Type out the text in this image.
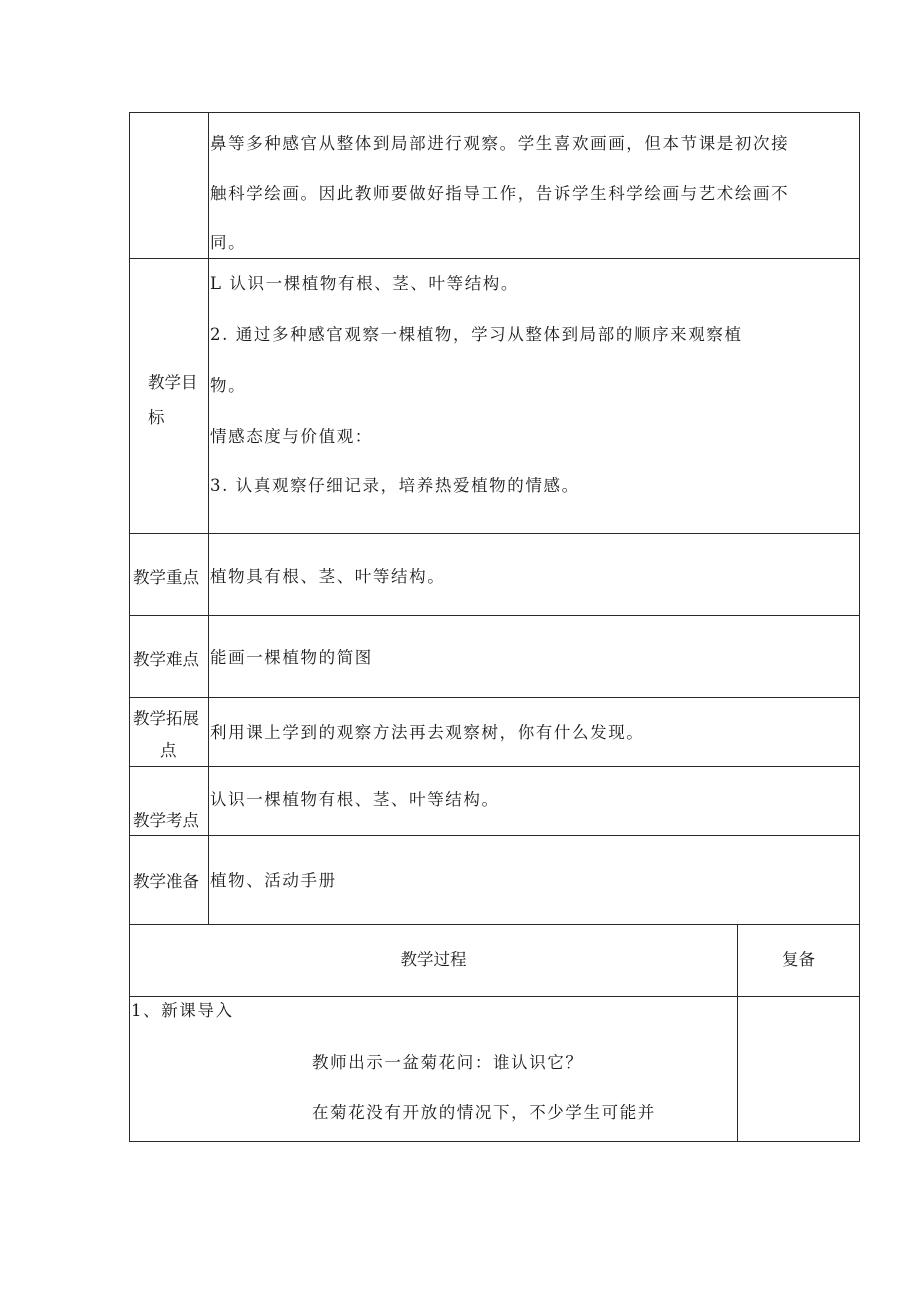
鼻等多种感官从整体到局部进行观察。学生喜欢画画，但本节课是初次接
触科学绘画。因此教师要做好指导工作，告诉学生科学绘画与艺术绘画不
同。
教学目
标
L 认识一棵植物有根、茎、叶等结构。
2. 通过多种感官观察一棵植物，学习从整体到局部的顺序来观察植
物。
情感态度与价值观：
3. 认真观察仔细记录，培养热爱植物的情感。
教学重点 植物具有根、茎、叶等结构。
教学难点 能画一棵植物的简图
教学拓展
点
利用课上学到的观察方法再去观察树，你有什么发现。
教学考点
认识一棵植物有根、茎、叶等结构。
教学准备 植物、活动手册
教学过程	复备
1、新课导入
教师出示一盆菊花问：谁认识它？
在菊花没有开放的情况下，不少学生可能并
